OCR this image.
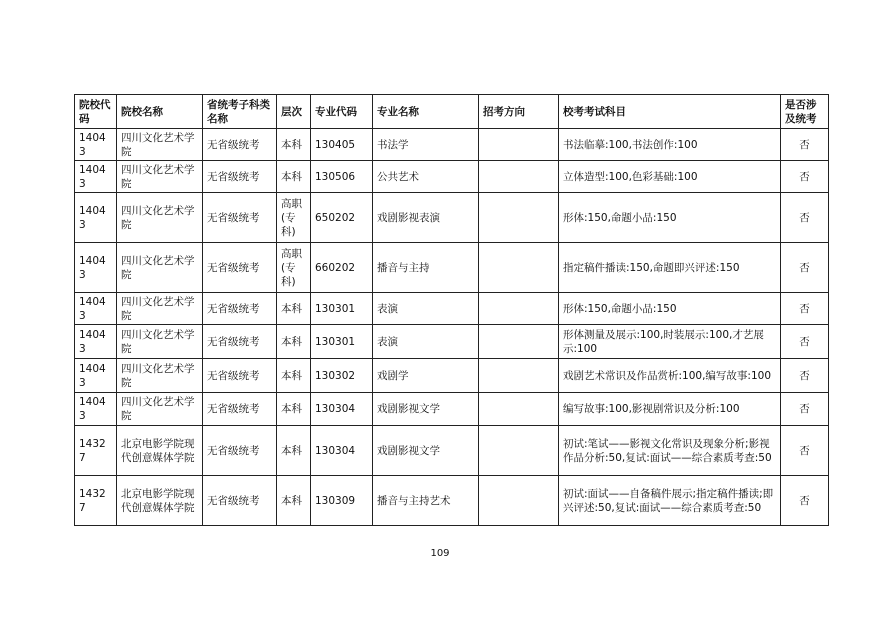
院校代码	院校名称	省统考子科类名称	层次	专业代码	专业名称	招考方向	校考考试科目	是否涉及统考
14043	四川文化艺术学院	无省级统考	本科	130405	书法学		书法临摹:100,书法创作:100	否
14043	四川文化艺术学院	无省级统考	本科	130506	公共艺术		立体造型:100,色彩基础:100	否
14043	四川文化艺术学院	无省级统考	高职(专科)	650202	戏剧影视表演		形体:150,命题小品:150	否
14043	四川文化艺术学院	无省级统考	高职(专科)	660202	播音与主持		指定稿件播读:150,命题即兴评述:150	否
14043	四川文化艺术学院	无省级统考	本科	130301	表演		形体:150,命题小品:150	否
14043	四川文化艺术学院	无省级统考	本科	130301	表演		形体测量及展示:100,时装展示:100,才艺展示:100	否
14043	四川文化艺术学院	无省级统考	本科	130302	戏剧学		戏剧艺术常识及作品赏析:100,编写故事:100	否
14043	四川文化艺术学院	无省级统考	本科	130304	戏剧影视文学		编写故事:100,影视剧常识及分析:100	否
14327	北京电影学院现代创意媒体学院	无省级统考	本科	130304	戏剧影视文学		初试:笔试——影视文化常识及现象分析;影视作品分析:50,复试:面试——综合素质考查:50	否
14327	北京电影学院现代创意媒体学院	无省级统考	本科	130309	播音与主持艺术		初试:面试——自备稿件展示;指定稿件播读;即兴评述:50,复试:面试——综合素质考查:50	否
109
